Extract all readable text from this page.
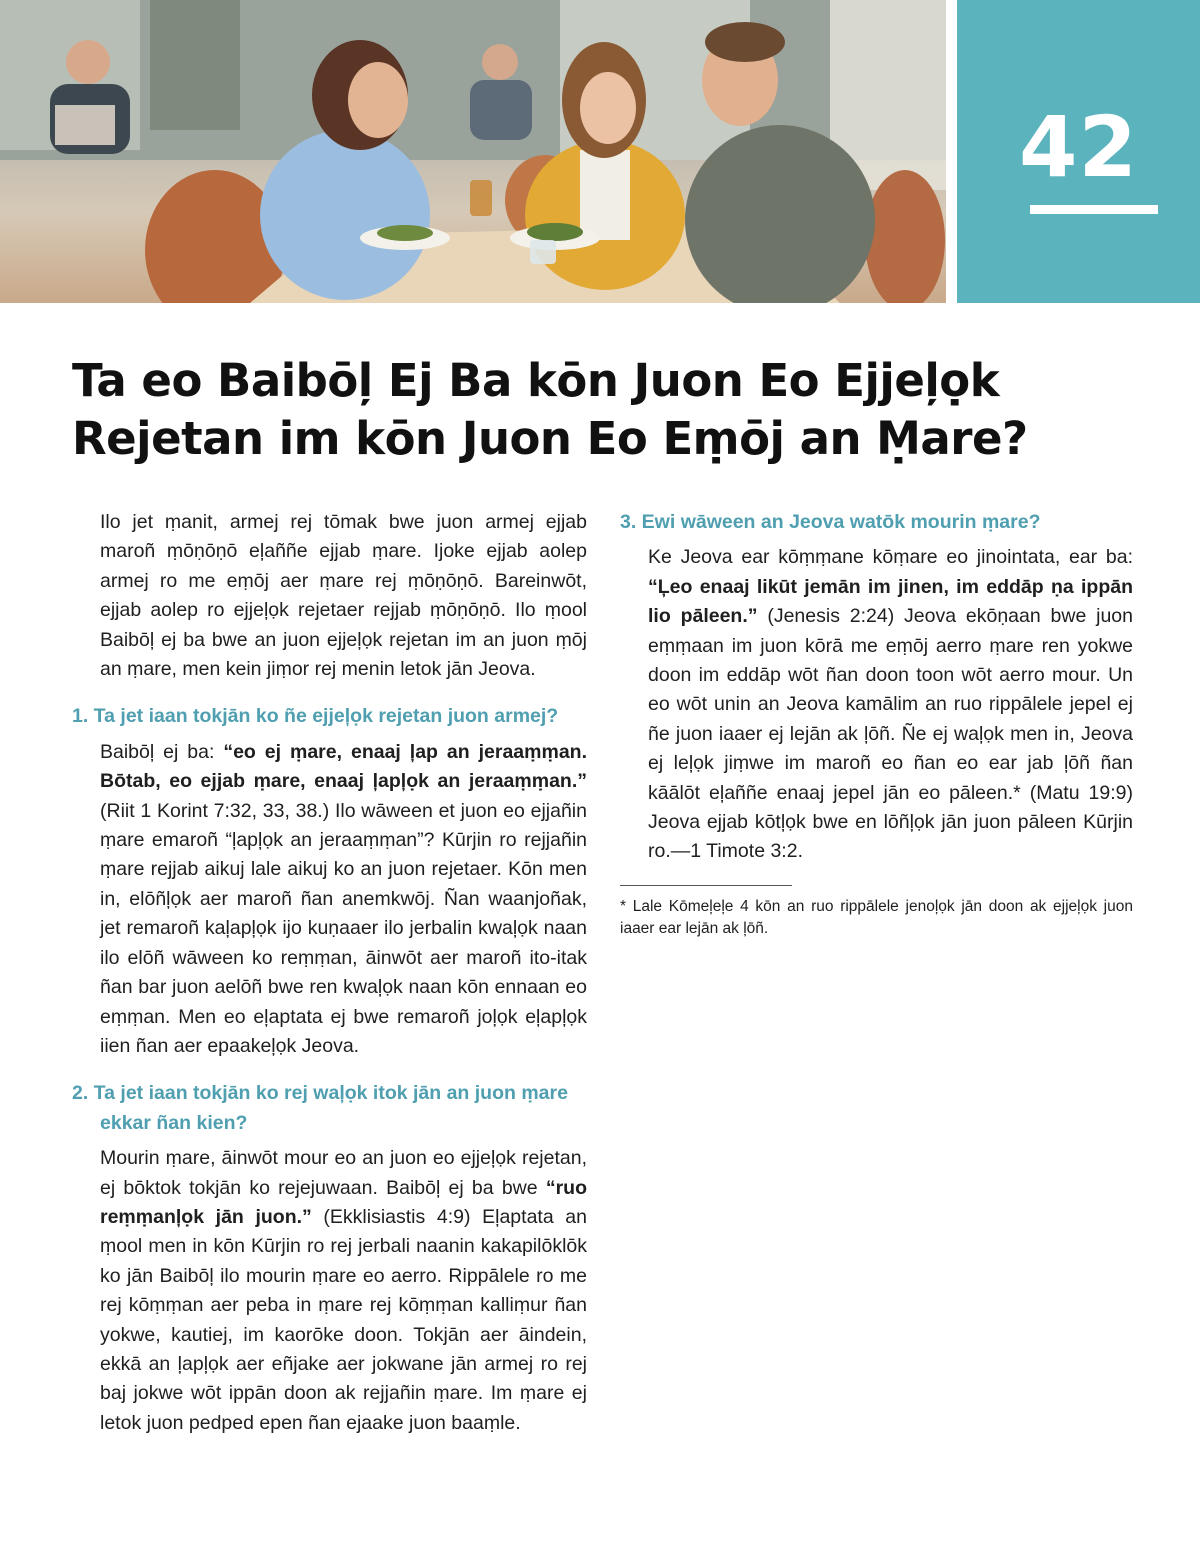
42
Ta eo Baibōļ Ej Ba kōn Juon Eo Ejjeļọk Rejetan im kōn Juon Eo Eṃōj an Ṃare?

Ilo jet ṃanit, armej rej tōmak bwe juon armej ejjab maroñ ṃōṇōṇō eļaññe ejjab ṃare. Ijoke ejjab aolep armej ro me eṃōj aer ṃare rej ṃōṇōṇō. Bareinwōt, ejjab aolep ro ejjeļọk rejetaer rejjab ṃōṇōṇō. Ilo ṃool Baibōļ ej ba bwe an juon ejjeļọk rejetan im an juon ṃōj an ṃare, men kein jiṃor rej menin letok jān Jeova.

1. Ta jet iaan tokjān ko ñe ejjeļọk rejetan juon armej?

Baibōļ ej ba: “eo ej ṃare, enaaj ļap an jeraaṃṃan. Bōtab, eo ejjab ṃare, enaaj ļapļọk an jeraaṃṃan.” (Riit 1 Korint 7:32, 33, 38.) Ilo wāween et juon eo ejjañin ṃare emaroñ “ļapļọk an jeraaṃṃan”? Kūrjin ro rejjañin ṃare rejjab aikuj lale aikuj ko an juon rejetaer. Kōn men in, elōñļọk aer maroñ ñan anemkwōj. Ñan waanjoñak, jet remaroñ kaļapļọk ijo kuṇaaer ilo jerbalin kwaļọk naan ilo elōñ wāween ko reṃṃan, āinwōt aer maroñ ito-itak ñan bar juon aelōñ bwe ren kwaļọk naan kōn ennaan eo eṃṃan. Men eo eļaptata ej bwe remaroñ joļọk eļapļọk iien ñan aer epaakeļọk Jeova.

2. Ta jet iaan tokjān ko rej waļọk itok jān an juon ṃare ekkar ñan kien?

Mourin ṃare, āinwōt mour eo an juon eo ejjeļọk rejetan, ej bōktok tokjān ko rejejuwaan. Baibōļ ej ba bwe “ruo reṃṃanļọk jān juon.” (Ekklisiastis 4:9) Eļaptata an ṃool men in kōn Kūrjin ro rej jerbali naanin kakapilōklōk ko jān Baibōļ ilo mourin ṃare eo aerro. Rippālele ro me rej kōṃṃan aer peba in ṃare rej kōṃṃan kalliṃur ñan yokwe, kautiej, im kaorōke doon. Tokjān aer āindein, ekkā an ļapļọk aer eñjake aer jokwane jān armej ro rej baj jokwe wōt ippān doon ak rejjañin ṃare. Im ṃare ej letok juon pedped epen ñan ejaake juon baaṃle.

3. Ewi wāween an Jeova watōk mourin ṃare?

Ke Jeova ear kōṃṃane kōṃare eo jinointata, ear ba: “Ļeo enaaj likūt jemān im jinen, im eddāp ṇa ippān lio pāleen.” (Jenesis 2:24) Jeova ekōṇaan bwe juon eṃṃaan im juon kōrā me eṃōj aerro ṃare ren yokwe doon im eddāp wōt ñan doon toon wōt aerro mour. Un eo wōt unin an Jeova kamālim an ruo rippālele jepel ej ñe juon iaaer ej lejān ak ļōñ. Ñe ej waļọk men in, Jeova ej leļọk jiṃwe im maroñ eo ñan eo ear jab ļōñ ñan kāālōt eļaññe enaaj jepel jān eo pāleen.* (Matu 19:9) Jeova ejjab kōtļọk bwe en lōñļọk jān juon pāleen Kūrjin ro.—1 Timote 3:2.

* Lale Kōmeļeļe 4 kōn an ruo rippālele jenoļọk jān doon ak ejjeļọk juon iaaer ear lejān ak ļōñ.
